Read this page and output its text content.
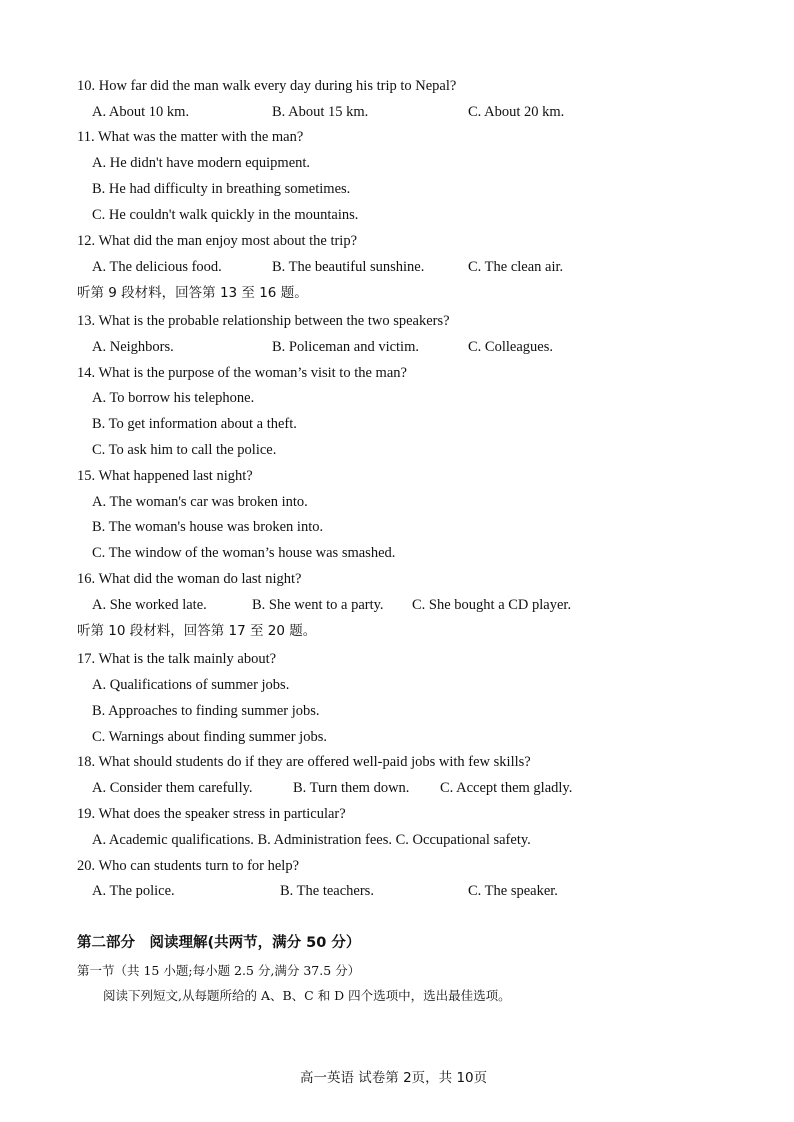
10. How far did the man walk every day during his trip to Nepal?
A. About 10 km.	B. About 15 km.	C. About 20 km.
11. What was the matter with the man?
A. He didn't have modern equipment.
B. He had difficulty in breathing sometimes.
C. He couldn't walk quickly in the mountains.
12. What did the man enjoy most about the trip?
A. The delicious food.	B. The beautiful sunshine.	C. The clean air.
听第 9 段材料，回答第 13 至 16 题。
13. What is the probable relationship between the two speakers?
A. Neighbors.	B. Policeman and victim.	C. Colleagues.
14. What is the purpose of the woman’s visit to the man?
A. To borrow his telephone.
B. To get information about a theft.
C. To ask him to call the police.
15. What happened last night?
A. The woman's car was broken into.
B. The woman's house was broken into.
C. The window of the woman’s house was smashed.
16. What did the woman do last night?
A. She worked late.	B. She went to a party. C. She bought a CD player.
听第 10 段材料，回答第 17 至 20 题。
17. What is the talk mainly about?
A. Qualifications of summer jobs.
B. Approaches to finding summer jobs.
C. Warnings about finding summer jobs.
18. What should students do if they are offered well-paid jobs with few skills?
A. Consider them carefully.	B. Turn them down. C. Accept them gladly.
19. What does the speaker stress in particular?
A. Academic qualifications. B. Administration fees. C. Occupational safety.
20. Who can students turn to for help?
A. The police.	B. The teachers.	C. The speaker.
第二部分　阅读理解(共两节，满分 50 分）
第一节（共 15 小题;每小题 2.5 分,满分 37.5 分）
阅读下列短文,从每题所给的 A、B、C 和 D 四个选项中，选出最佳选项。
高一英语 试卷第 2页，共 10页
